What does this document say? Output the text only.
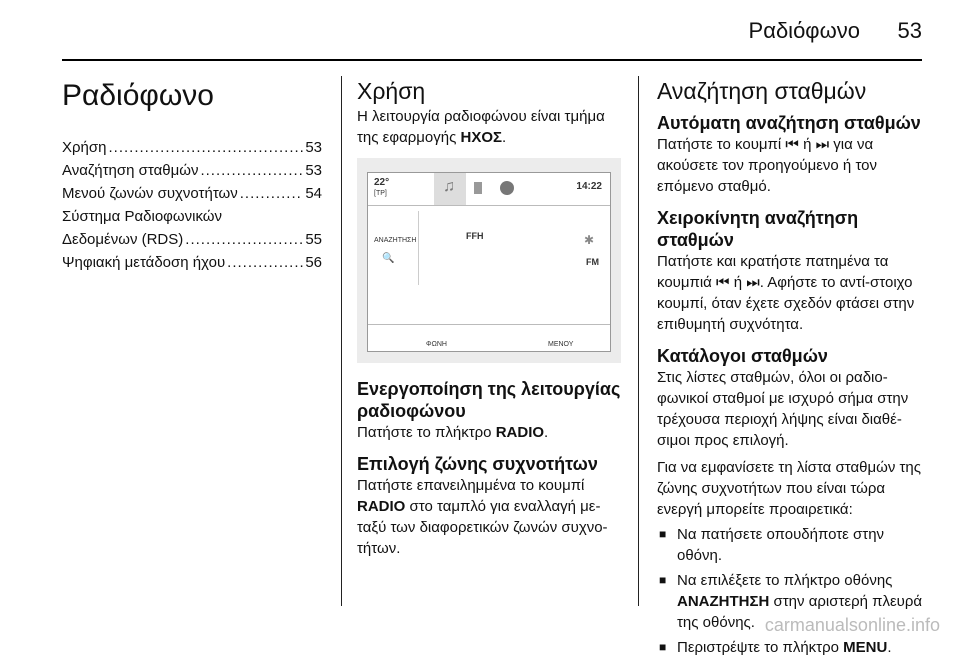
Ραδιόφωνο 53
Ραδιόφωνο
Χρήση .....	53
Αναζήτηση σταθμών .....	53
Μενού ζωνών συχνοτήτων .....	54
Σύστημα Ραδιοφωνικών
Δεδομένων (RDS) .....	55
Ψηφιακή μετάδοση ήχου .....	56
Χρήση

Η λειτουργία ραδιοφώνου είναι τμήμα της εφαρμογής ΗΧΟΣ.

22°
[TP]	♫	14:22
ΑΝΑΖΗΤΗΣΗ
🔍
FFH	✱
FM
ΦΩΝΗ	ΜΕΝΟΥ
Ενεργοποίηση της λειτουργίας ραδιοφώνου

Πατήστε το πλήκτρο RADIO.

Επιλογή ζώνης συχνοτήτων

Πατήστε επανειλημμένα το κουμπί RADIO στο ταμπλό για εναλλαγή με-ταξύ των διαφορετικών ζωνών συχνο-τήτων.

Αναζήτηση σταθμών
Αυτόματη αναζήτηση σταθμών

Πατήστε το κουμπί ⏮ ή ⏭ για να ακούσετε τον προηγούμενο ή τον επόμενο σταθμό.

Χειροκίνητη αναζήτηση σταθμών

Πατήστε και κρατήστε πατημένα τα κουμπιά ⏮ ή ⏭. Αφήστε το αντί-στοιχο κουμπί, όταν έχετε σχεδόν φτάσει στην επιθυμητή συχνότητα.

Κατάλογοι σταθμών

Στις λίστες σταθμών, όλοι οι ραδιο-φωνικοί σταθμοί με ισχυρό σήμα στην τρέχουσα περιοχή λήψης είναι διαθέ-σιμοι προς επιλογή.

Για να εμφανίσετε τη λίστα σταθμών της ζώνης συχνοτήτων που είναι τώρα ενεργή μπορείτε προαιρετικά:

■ Να πατήσετε οπουδήποτε στην οθόνη.
■ Να επιλέξετε το πλήκτρο οθόνης ΑΝΑΖΗΤΗΣΗ στην αριστερή πλευρά της οθόνης.
■ Περιστρέψτε το πλήκτρο MENU.
carmanualsonline.info
